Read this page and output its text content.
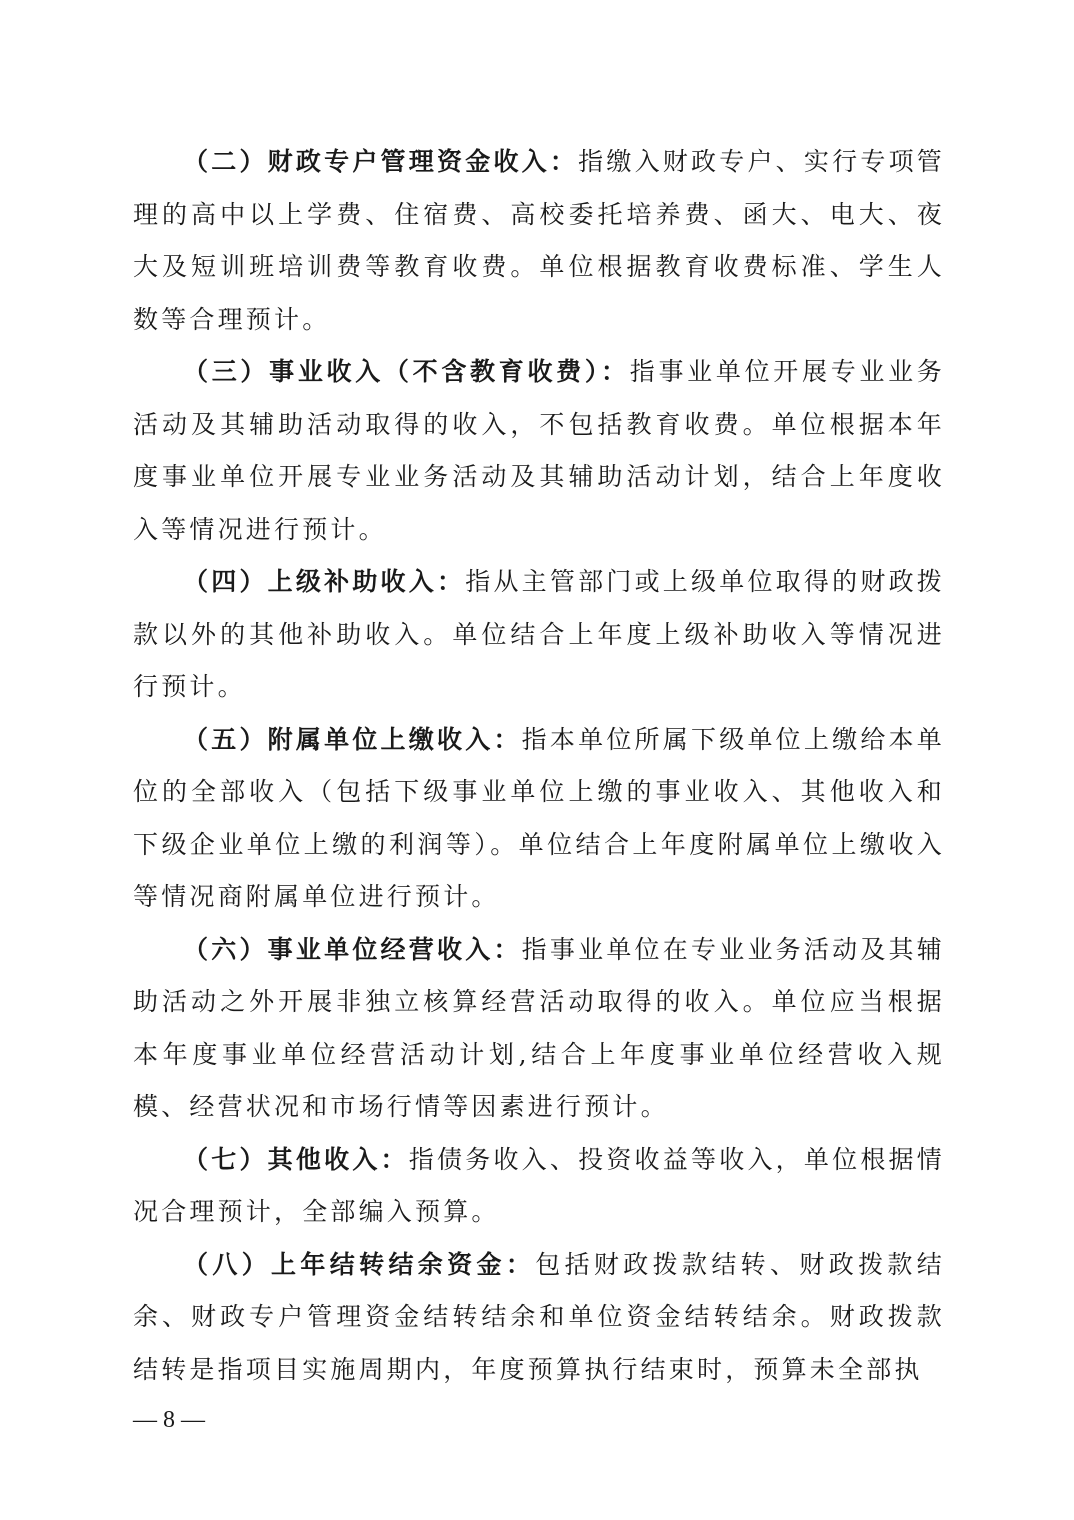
（二）财政专户管理资金收入：指缴入财政专户、实行专项管理的高中以上学费、住宿费、高校委托培养费、函大、电大、夜大及短训班培训费等教育收费。单位根据教育收费标准、学生人数等合理预计。

（三）事业收入（不含教育收费）：指事业单位开展专业业务活动及其辅助活动取得的收入，不包括教育收费。单位根据本年度事业单位开展专业业务活动及其辅助活动计划，结合上年度收入等情况进行预计。

（四）上级补助收入：指从主管部门或上级单位取得的财政拨款以外的其他补助收入。单位结合上年度上级补助收入等情况进行预计。

（五）附属单位上缴收入：指本单位所属下级单位上缴给本单位的全部收入（包括下级事业单位上缴的事业收入、其他收入和下级企业单位上缴的利润等）。单位结合上年度附属单位上缴收入等情况商附属单位进行预计。

（六）事业单位经营收入：指事业单位在专业业务活动及其辅助活动之外开展非独立核算经营活动取得的收入。单位应当根据本年度事业单位经营活动计划,结合上年度事业单位经营收入规模、经营状况和市场行情等因素进行预计。

（七）其他收入：指债务收入、投资收益等收入，单位根据情况合理预计，全部编入预算。

（八）上年结转结余资金：包括财政拨款结转、财政拨款结余、财政专户管理资金结转结余和单位资金结转结余。财政拨款结转是指项目实施周期内，年度预算执行结束时，预算未全部执

— 8 —
